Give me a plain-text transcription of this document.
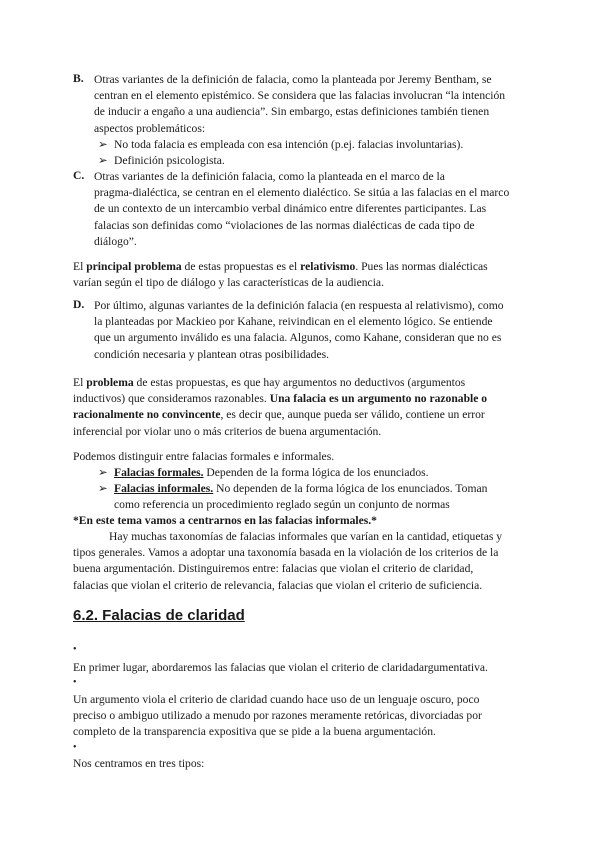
B. Otras variantes de la definición de falacia, como la planteada por Jeremy Bentham, se

centran en el elemento epistémico. Se considera que las falacias involucran “la intención

de inducir a engaño a una audiencia”. Sin embargo, estas definiciones también tienen

aspectos problemáticos:

➢ No toda falacia es empleada con esa intención (p.ej. falacias involuntarias).
➢ Definición psicologista.
C. Otras variantes de la definición falacia, como la planteada en el marco de la

pragma-dialéctica, se centran en el elemento dialéctico. Se sitúa a las falacias en el marco

de un contexto de un intercambio verbal dinámico entre diferentes participantes. Las

falacias son definidas como “violaciones de las normas dialécticas de cada tipo de

diálogo”.

El principal problema de estas propuestas es el relativismo. Pues las normas dialécticas

varían según el tipo de diálogo y las características de la audiencia.

D. Por último, algunas variantes de la definición falacia (en respuesta al relativismo), como

la planteadas por Mackieo por Kahane, reivindican en el elemento lógico. Se entiende

que un argumento inválido es una falacia. Algunos, como Kahane, consideran que no es

condición necesaria y plantean otras posibilidades.

El problema de estas propuestas, es que hay argumentos no deductivos (argumentos

inductivos) que consideramos razonables. Una falacia es un argumento no razonable o

racionalmente no convincente, es decir que, aunque pueda ser válido, contiene un error

inferencial por violar uno o más criterios de buena argumentación.

Podemos distinguir entre falacias formales e informales.

➢ Falacias formales. Dependen de la forma lógica de los enunciados.
➢ Falacias informales. No dependen de la forma lógica de los enunciados. Toman
como referencia un procedimiento reglado según un conjunto de normas

*En este tema vamos a centrarnos en las falacias informales.*

Hay muchas taxonomías de falacias informales que varían en la cantidad, etiquetas y

tipos generales. Vamos a adoptar una taxonomía basada en la violación de los criterios de la

buena argumentación. Distinguiremos entre: falacias que violan el criterio de claridad,

falacias que violan el criterio de relevancia, falacias que violan el criterio de suficiencia.

6.2. Falacias de claridad
•

En primer lugar, abordaremos las falacias que violan el criterio de claridadargumentativa.

•

Un argumento viola el criterio de claridad cuando hace uso de un lenguaje oscuro, poco

preciso o ambiguo utilizado a menudo por razones meramente retóricas, divorciadas por

completo de la transparencia expositiva que se pide a la buena argumentación.

•

Nos centramos en tres tipos:
